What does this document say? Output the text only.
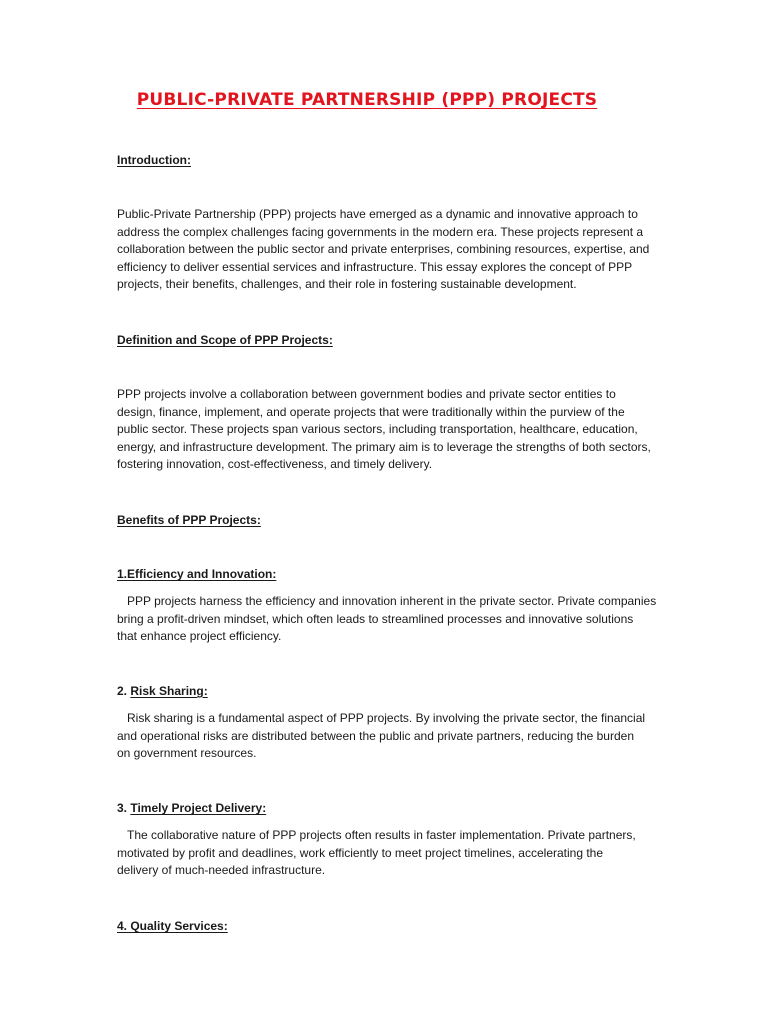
PUBLIC-PRIVATE PARTNERSHIP (PPP) PROJECTS
Introduction:
Public-Private Partnership (PPP) projects have emerged as a dynamic and innovative approach to
address the complex challenges facing governments in the modern era. These projects represent a
collaboration between the public sector and private enterprises, combining resources, expertise, and
efficiency to deliver essential services and infrastructure. This essay explores the concept of PPP
projects, their benefits, challenges, and their role in fostering sustainable development.
Definition and Scope of PPP Projects:
PPP projects involve a collaboration between government bodies and private sector entities to
design, finance, implement, and operate projects that were traditionally within the purview of the
public sector. These projects span various sectors, including transportation, healthcare, education,
energy, and infrastructure development. The primary aim is to leverage the strengths of both sectors,
fostering innovation, cost-effectiveness, and timely delivery.
Benefits of PPP Projects:
1.Efficiency and Innovation:
PPP projects harness the efficiency and innovation inherent in the private sector. Private companies
bring a profit-driven mindset, which often leads to streamlined processes and innovative solutions
that enhance project efficiency.
2. Risk Sharing:
Risk sharing is a fundamental aspect of PPP projects. By involving the private sector, the financial
and operational risks are distributed between the public and private partners, reducing the burden
on government resources.
3. Timely Project Delivery:
The collaborative nature of PPP projects often results in faster implementation. Private partners,
motivated by profit and deadlines, work efficiently to meet project timelines, accelerating the
delivery of much-needed infrastructure.
4. Quality Services:
